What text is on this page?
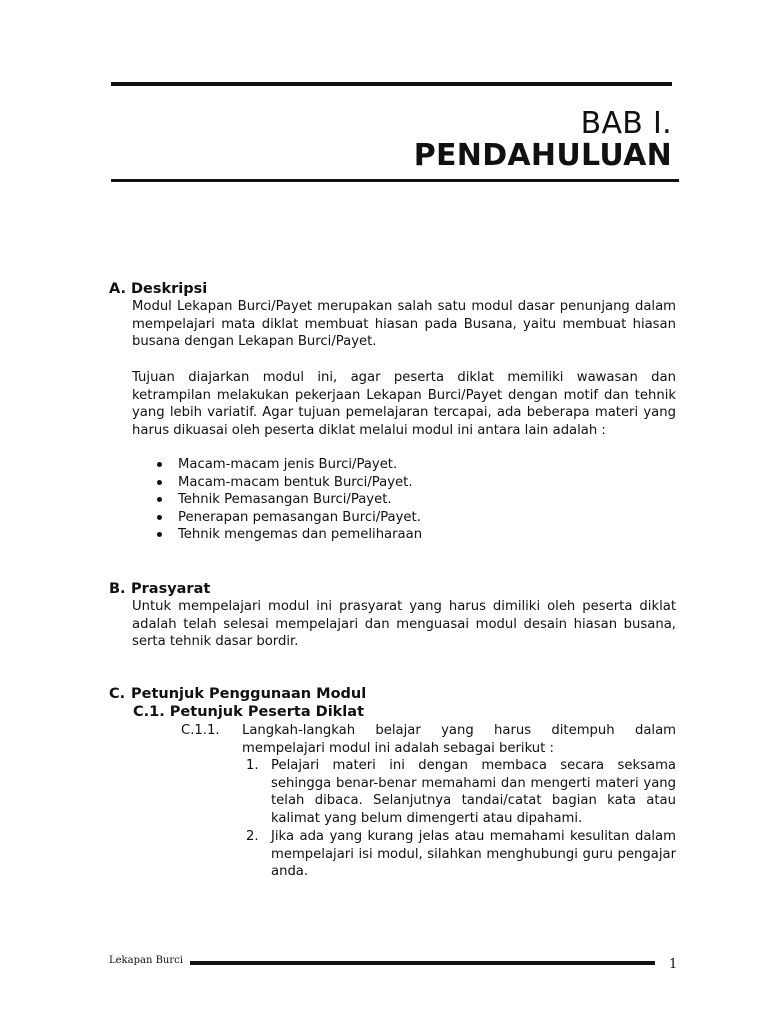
BAB I.
PENDAHULUAN
A. Deskripsi

Modul Lekapan Burci/Payet merupakan salah satu modul dasar penunjang dalam mempelajari mata diklat membuat hiasan pada Busana, yaitu membuat hiasan busana dengan Lekapan Burci/Payet.

Tujuan diajarkan modul ini, agar peserta diklat memiliki wawasan dan ketrampilan melakukan pekerjaan Lekapan Burci/Payet dengan motif dan tehnik yang lebih variatif. Agar tujuan pemelajaran tercapai, ada beberapa materi yang harus dikuasai oleh peserta diklat melalui modul ini antara lain adalah :

Macam-macam jenis Burci/Payet.
Macam-macam bentuk Burci/Payet.
Tehnik Pemasangan Burci/Payet.
Penerapan pemasangan Burci/Payet.
Tehnik mengemas dan pemeliharaan
B. Prasyarat

Untuk mempelajari modul ini prasyarat yang harus dimiliki oleh peserta diklat adalah telah selesai mempelajari dan menguasai modul desain hiasan busana, serta tehnik dasar bordir.

C. Petunjuk Penggunaan Modul
C.1. Petunjuk Peserta Diklat
C.1.1. Langkah-langkah belajar yang harus ditempuh dalam mempelajari modul ini adalah sebagai berikut :

1. Pelajari materi ini dengan membaca secara seksama sehingga benar-benar memahami dan mengerti materi yang telah dibaca. Selanjutnya tandai/catat bagian kata atau kalimat yang belum dimengerti atau dipahami.

2. Jika ada yang kurang jelas atau memahami kesulitan dalam mempelajari isi modul, silahkan menghubungi guru pengajar anda.

Lekapan Burci	1
